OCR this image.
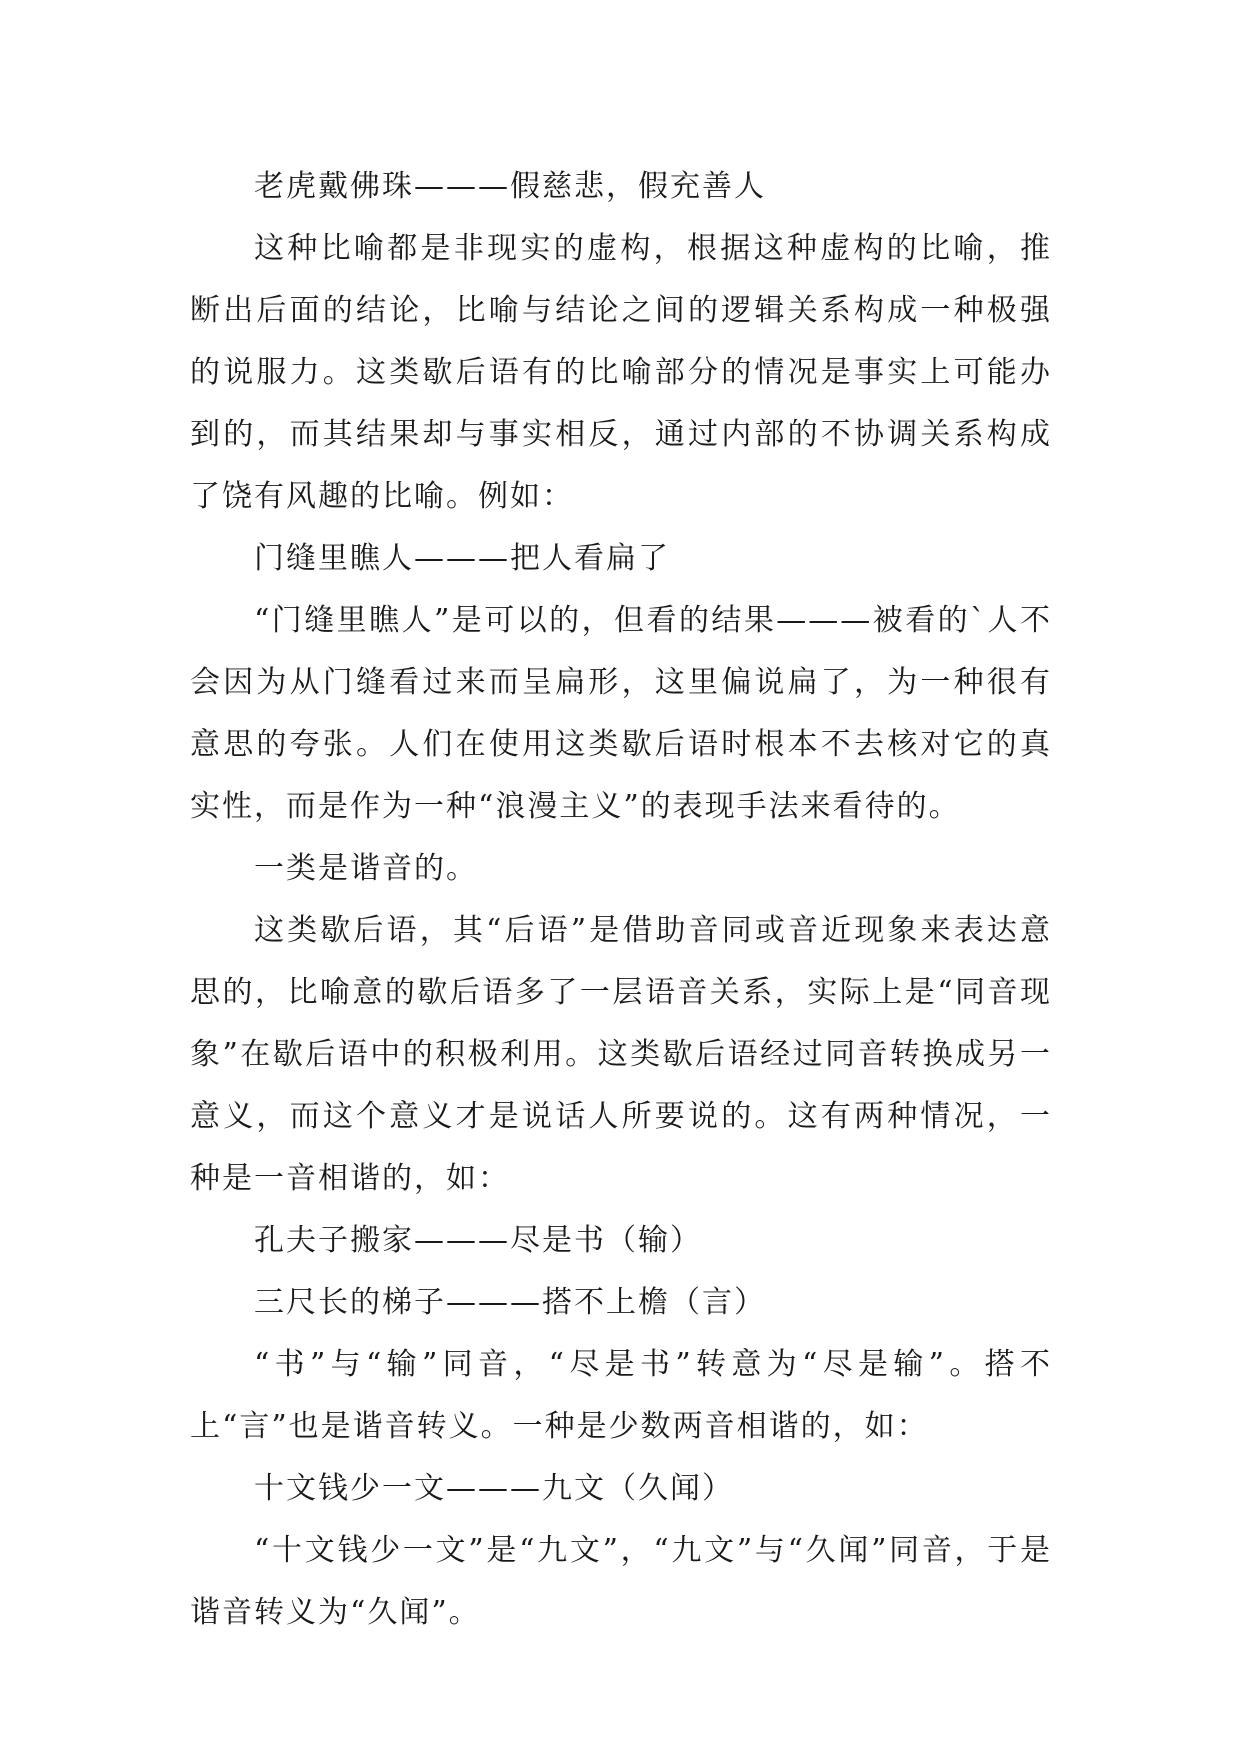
老虎戴佛珠———假慈悲，假充善人

这种比喻都是非现实的虚构，根据这种虚构的比喻，推断出后面的结论，比喻与结论之间的逻辑关系构成一种极强的说服力。这类歇后语有的比喻部分的情况是事实上可能办到的，而其结果却与事实相反，通过内部的不协调关系构成了饶有风趣的比喻。例如：

门缝里瞧人———把人看扁了

“门缝里瞧人”是可以的，但看的结果———被看的`人不会因为从门缝看过来而呈扁形，这里偏说扁了，为一种很有意思的夸张。人们在使用这类歇后语时根本不去核对它的真实性，而是作为一种“浪漫主义”的表现手法来看待的。

一类是谐音的。

这类歇后语，其“后语”是借助音同或音近现象来表达意思的，比喻意的歇后语多了一层语音关系，实际上是“同音现象”在歇后语中的积极利用。这类歇后语经过同音转换成另一意义，而这个意义才是说话人所要说的。这有两种情况，一种是一音相谐的，如：

孔夫子搬家———尽是书（输）

三尺长的梯子———搭不上檐（言）

“书”与“输”同音，“尽是书”转意为“尽是输”。搭不上“言”也是谐音转义。一种是少数两音相谐的，如：

十文钱少一文———九文（久闻）

“十文钱少一文”是“九文”，“九文”与“久闻”同音，于是谐音转义为“久闻”。
